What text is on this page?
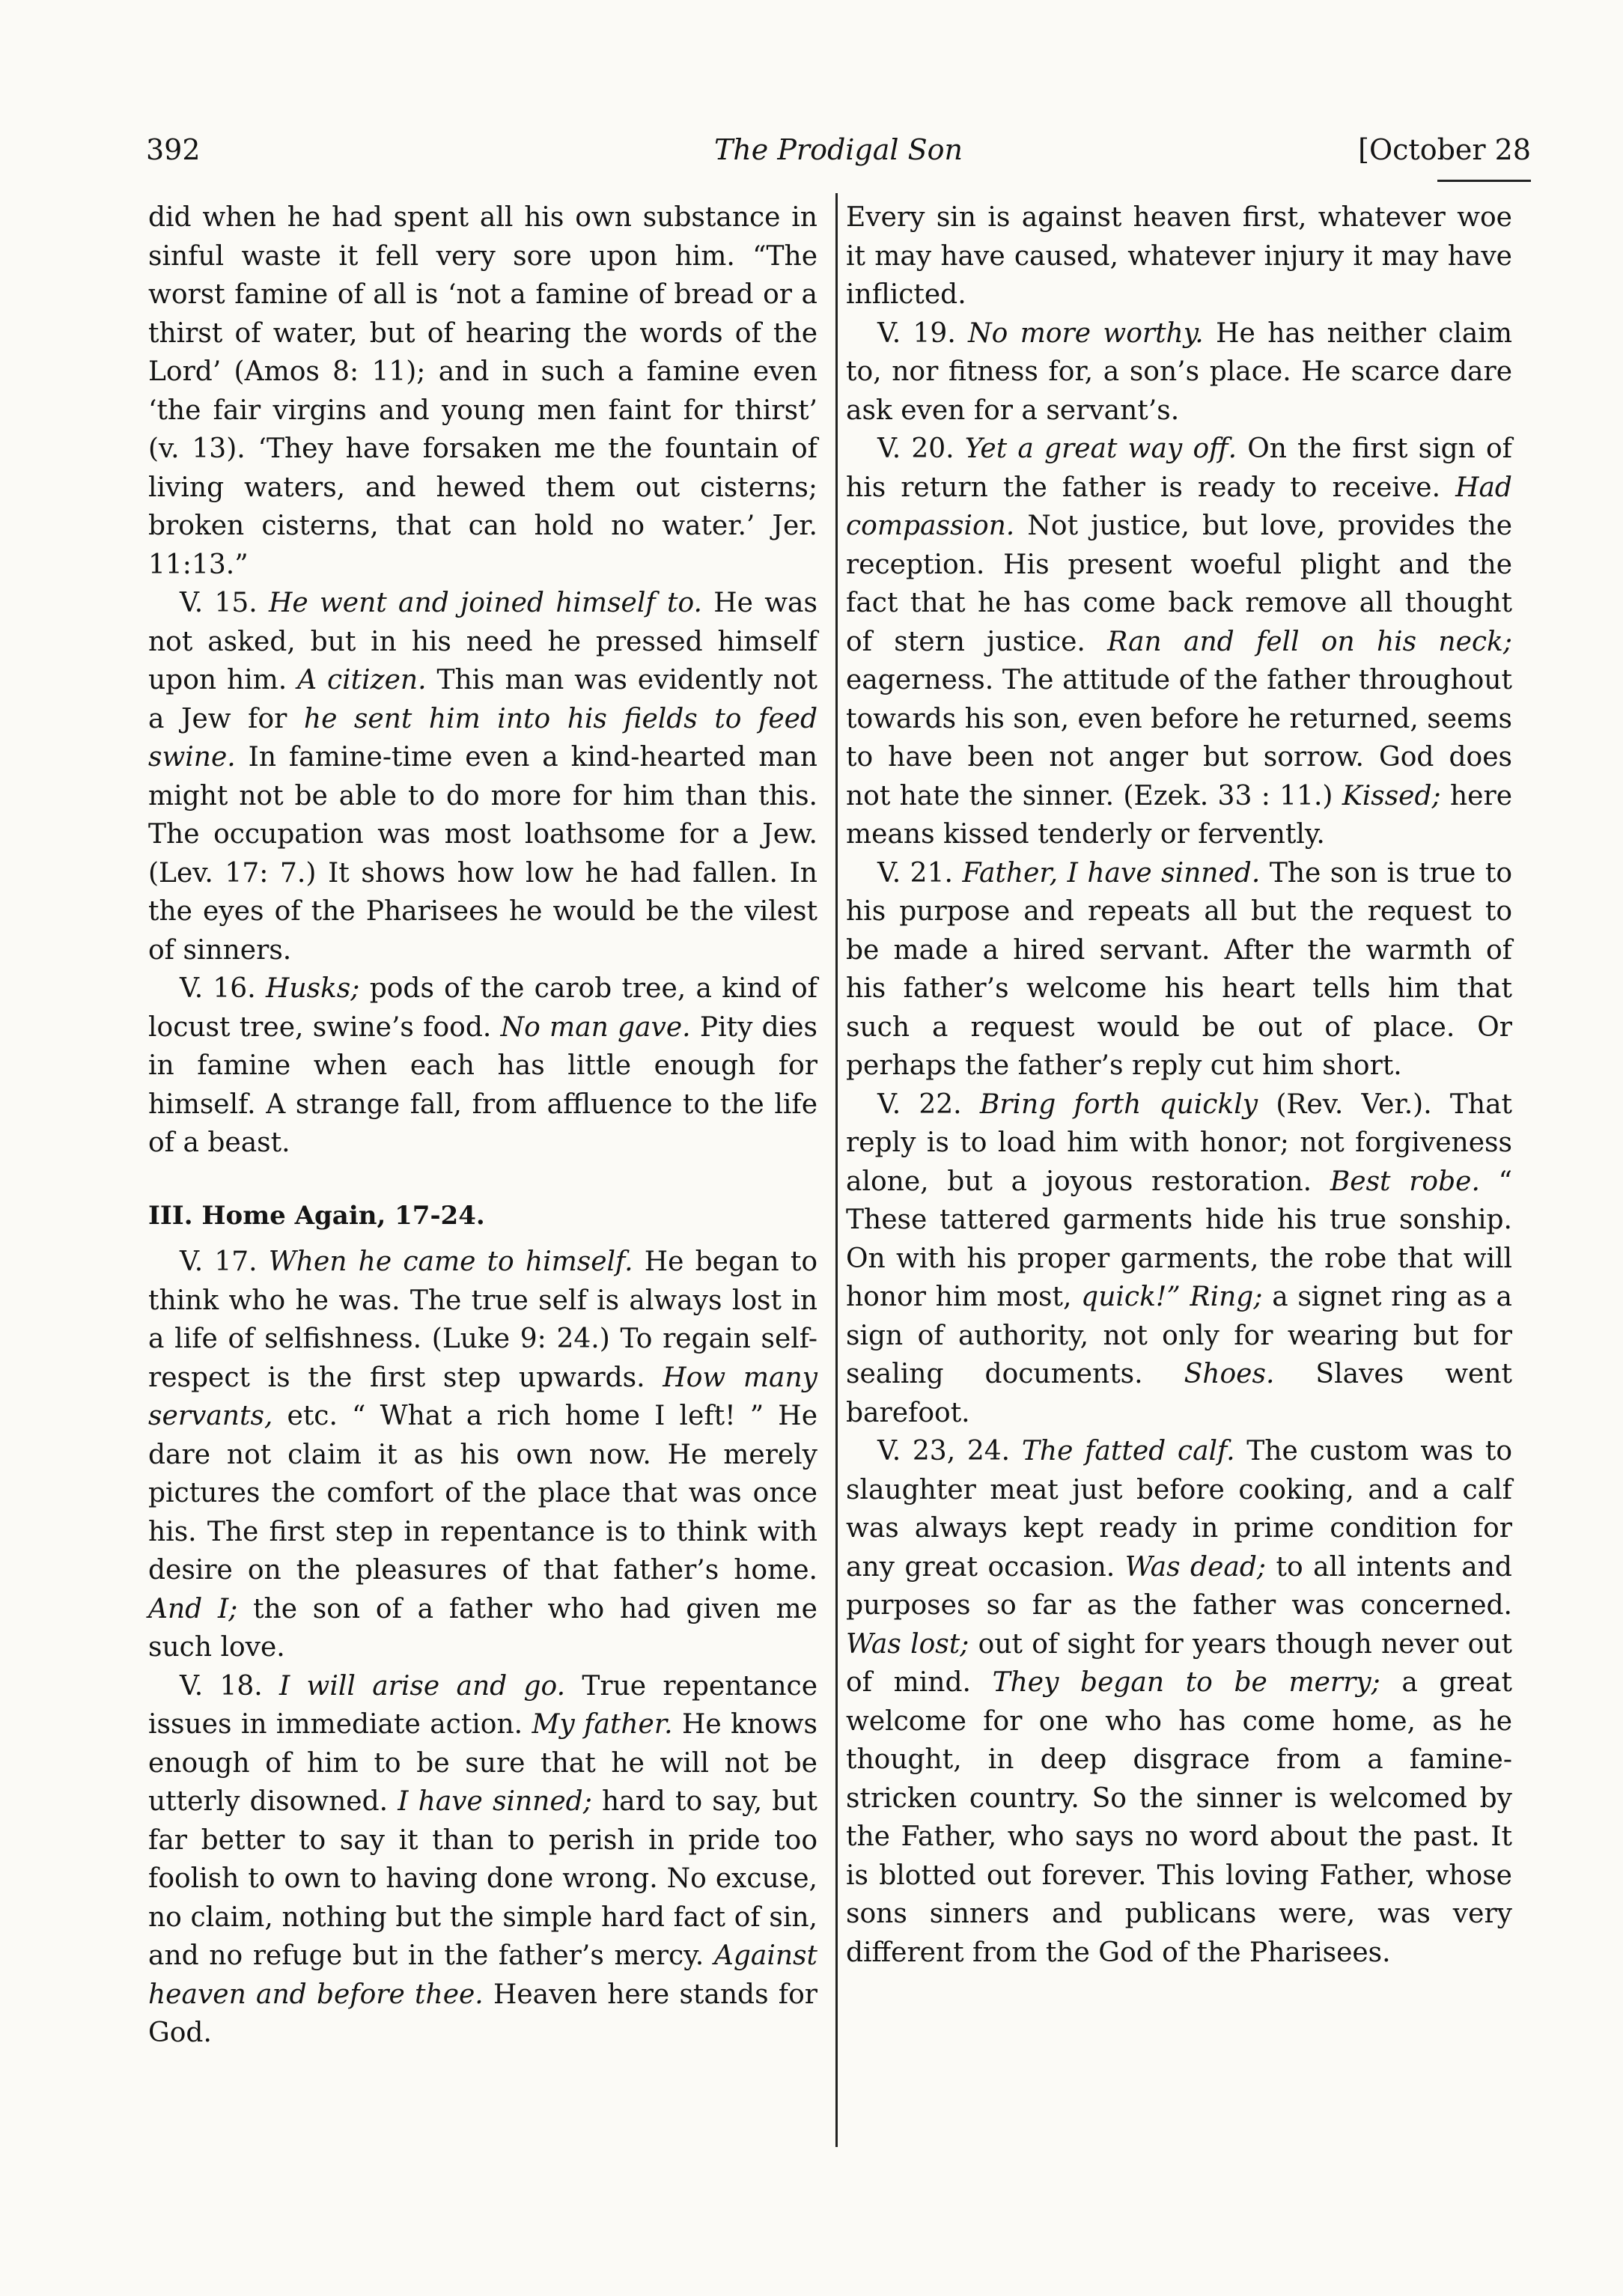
392	The Prodigal Son	[October 28

did when he had spent all his own substance in sinful waste it fell very sore upon him. “The worst famine of all is ‘not a famine of bread or a thirst of water, but of hearing the words of the Lord’ (Amos 8: 11); and in such a famine even ‘the fair virgins and young men faint for thirst’ (v. 13). ‘They have forsaken me the fountain of living waters, and hewed them out cisterns; broken cisterns, that can hold no water.’ Jer. 11:13.”

V. 15. He went and joined himself to. He was not asked, but in his need he pressed himself upon him. A citizen. This man was evidently not a Jew for he sent him into his fields to feed swine. In famine-time even a kind-hearted man might not be able to do more for him than this. The occupation was most loathsome for a Jew. (Lev. 17: 7.) It shows how low he had fallen. In the eyes of the Pharisees he would be the vilest of sinners.

V. 16. Husks; pods of the carob tree, a kind of locust tree, swine’s food. No man gave. Pity dies in famine when each has little enough for himself. A strange fall, from affluence to the life of a beast.

III. Home Again, 17-24.

V. 17. When he came to himself. He began to think who he was. The true self is always lost in a life of selfishness. (Luke 9: 24.) To regain self-respect is the first step upwards. How many servants, etc. “ What a rich home I left! ” He dare not claim it as his own now. He merely pictures the comfort of the place that was once his. The first step in repentance is to think with desire on the pleasures of that father’s home. And I; the son of a father who had given me such love.

V. 18. I will arise and go. True repentance issues in immediate action. My father. He knows enough of him to be sure that he will not be utterly disowned. I have sinned; hard to say, but far better to say it than to perish in pride too foolish to own to having done wrong. No excuse, no claim, nothing but the simple hard fact of sin, and no refuge but in the father’s mercy. Against heaven and before thee. Heaven here stands for God.

Every sin is against heaven first, whatever woe it may have caused, whatever injury it may have inflicted.

V. 19. No more worthy. He has neither claim to, nor fitness for, a son’s place. He scarce dare ask even for a servant’s.

V. 20. Yet a great way off. On the first sign of his return the father is ready to receive. Had compassion. Not justice, but love, provides the reception. His present woeful plight and the fact that he has come back remove all thought of stern justice. Ran and fell on his neck; eagerness. The attitude of the father throughout towards his son, even before he returned, seems to have been not anger but sorrow. God does not hate the sinner. (Ezek. 33 : 11.) Kissed; here means kissed tenderly or fervently.

V. 21. Father, I have sinned. The son is true to his purpose and repeats all but the request to be made a hired servant. After the warmth of his father’s welcome his heart tells him that such a request would be out of place. Or perhaps the father’s reply cut him short.

V. 22. Bring forth quickly (Rev. Ver.). That reply is to load him with honor; not forgiveness alone, but a joyous restoration. Best robe. “ These tattered garments hide his true sonship. On with his proper garments, the robe that will honor him most, quick!” Ring; a signet ring as a sign of authority, not only for wearing but for sealing documents. Shoes. Slaves went barefoot.

V. 23, 24. The fatted calf. The custom was to slaughter meat just before cooking, and a calf was always kept ready in prime condition for any great occasion. Was dead; to all intents and purposes so far as the father was concerned. Was lost; out of sight for years though never out of mind. They began to be merry; a great welcome for one who has come home, as he thought, in deep disgrace from a famine-stricken country. So the sinner is welcomed by the Father, who says no word about the past. It is blotted out forever. This loving Father, whose sons sinners and publicans were, was very different from the God of the Pharisees.
